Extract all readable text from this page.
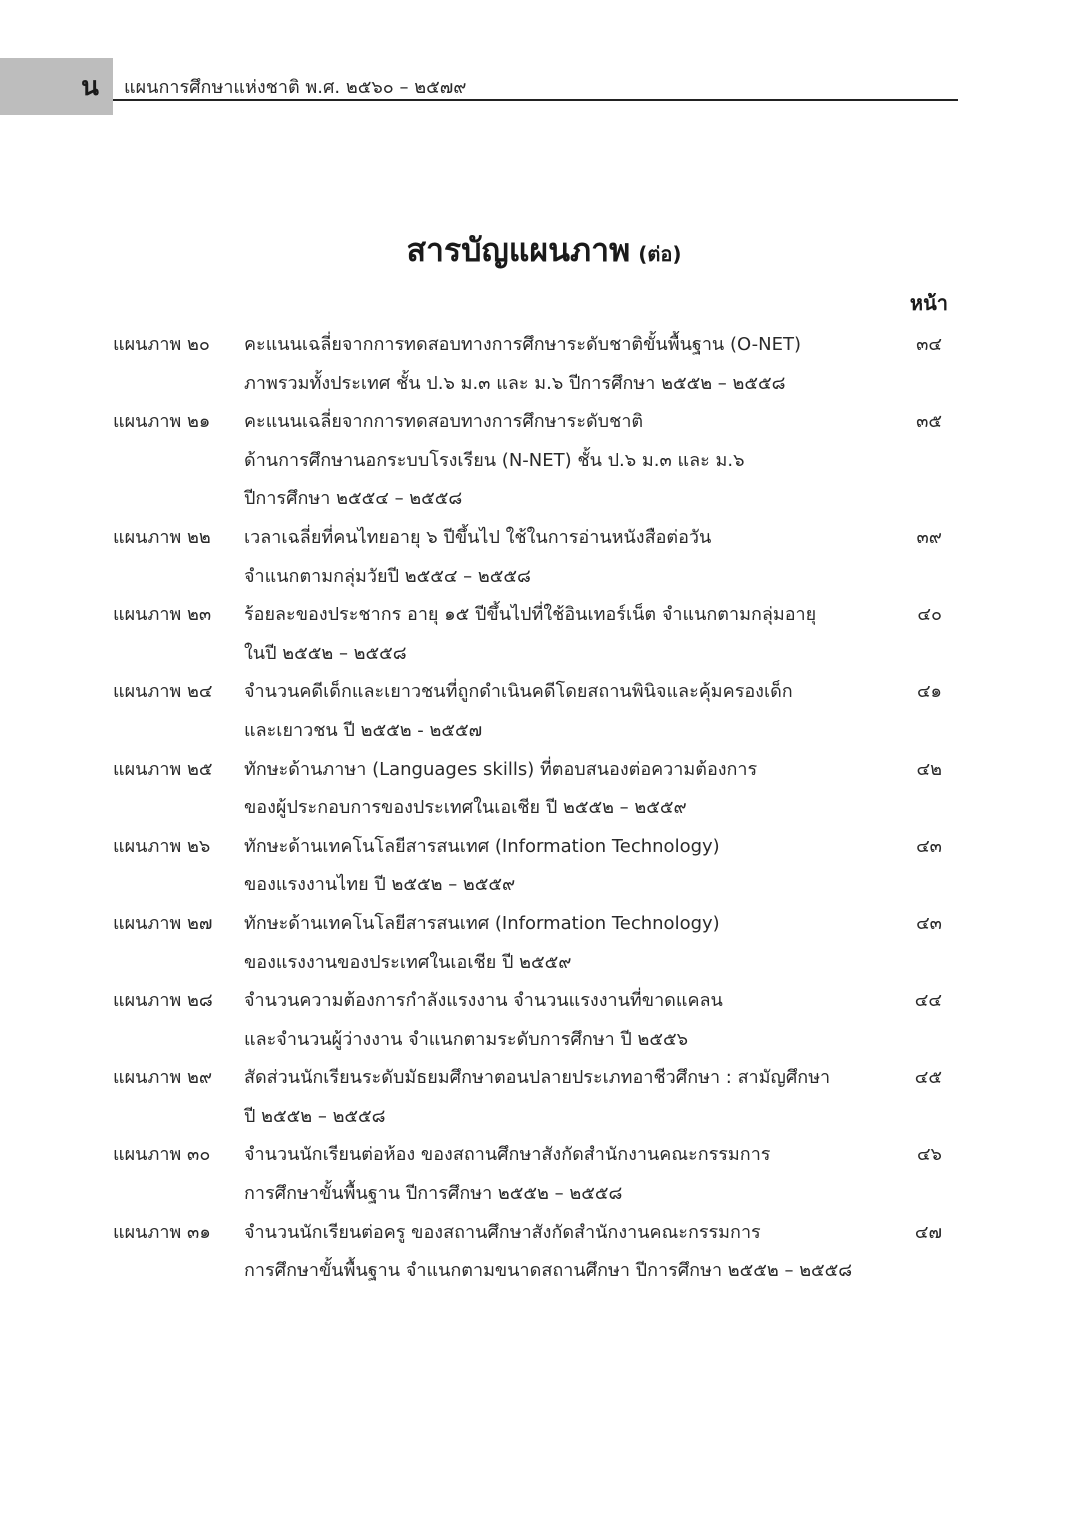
น	แผนการศึกษาแห่งชาติ พ.ศ. ๒๕๖๐ – ๒๕๗๙
สารบัญแผนภาพ (ต่อ)
หน้า
แผนภาพ ๒๐ คะแนนเฉลี่ยจากการทดสอบทางการศึกษาระดับชาติขั้นพื้นฐาน (O-NET)
ภาพรวมทั้งประเทศ ชั้น ป.๖ ม.๓ และ ม.๖ ปีการศึกษา ๒๕๕๒ – ๒๕๕๘
๓๔
แผนภาพ ๒๑ คะแนนเฉลี่ยจากการทดสอบทางการศึกษาระดับชาติ
ด้านการศึกษานอกระบบโรงเรียน (N-NET) ชั้น ป.๖ ม.๓ และ ม.๖
ปีการศึกษา ๒๕๕๔ – ๒๕๕๘
๓๕
แผนภาพ ๒๒ เวลาเฉลี่ยที่คนไทยอายุ ๖ ปีขึ้นไป ใช้ในการอ่านหนังสือต่อวัน
จำแนกตามกลุ่มวัยปี ๒๕๕๔ – ๒๕๕๘
๓๙
แผนภาพ ๒๓ ร้อยละของประชากร อายุ ๑๕ ปีขึ้นไปที่ใช้อินเทอร์เน็ต จำแนกตามกลุ่มอายุ
ในปี ๒๕๕๒ – ๒๕๕๘
๔๐
แผนภาพ ๒๔ จำนวนคดีเด็กและเยาวชนที่ถูกดำเนินคดีโดยสถานพินิจและคุ้มครองเด็ก
และเยาวชน ปี ๒๕๕๒ - ๒๕๕๗
๔๑
แผนภาพ ๒๕ ทักษะด้านภาษา (Languages skills) ที่ตอบสนองต่อความต้องการ
ของผู้ประกอบการของประเทศในเอเชีย ปี ๒๕๕๒ – ๒๕๕๙
๔๒
แผนภาพ ๒๖ ทักษะด้านเทคโนโลยีสารสนเทศ (Information Technology)
ของแรงงานไทย ปี ๒๕๕๒ – ๒๕๕๙
๔๓
แผนภาพ ๒๗ ทักษะด้านเทคโนโลยีสารสนเทศ (Information Technology)
ของแรงงานของประเทศในเอเชีย ปี ๒๕๕๙
๔๓
แผนภาพ ๒๘ จำนวนความต้องการกำลังแรงงาน จำนวนแรงงานที่ขาดแคลน
และจำนวนผู้ว่างงาน จำแนกตามระดับการศึกษา ปี ๒๕๕๖
๔๔
แผนภาพ ๒๙ สัดส่วนนักเรียนระดับมัธยมศึกษาตอนปลายประเภทอาชีวศึกษา : สามัญศึกษา
ปี ๒๕๕๒ – ๒๕๕๘
๔๕
แผนภาพ ๓๐ จำนวนนักเรียนต่อห้อง ของสถานศึกษาสังกัดสำนักงานคณะกรรมการ
การศึกษาขั้นพื้นฐาน ปีการศึกษา ๒๕๕๒ – ๒๕๕๘
๔๖
แผนภาพ ๓๑ จำนวนนักเรียนต่อครู ของสถานศึกษาสังกัดสำนักงานคณะกรรมการ
การศึกษาขั้นพื้นฐาน จำแนกตามขนาดสถานศึกษา ปีการศึกษา ๒๕๕๒ – ๒๕๕๘
๔๗
